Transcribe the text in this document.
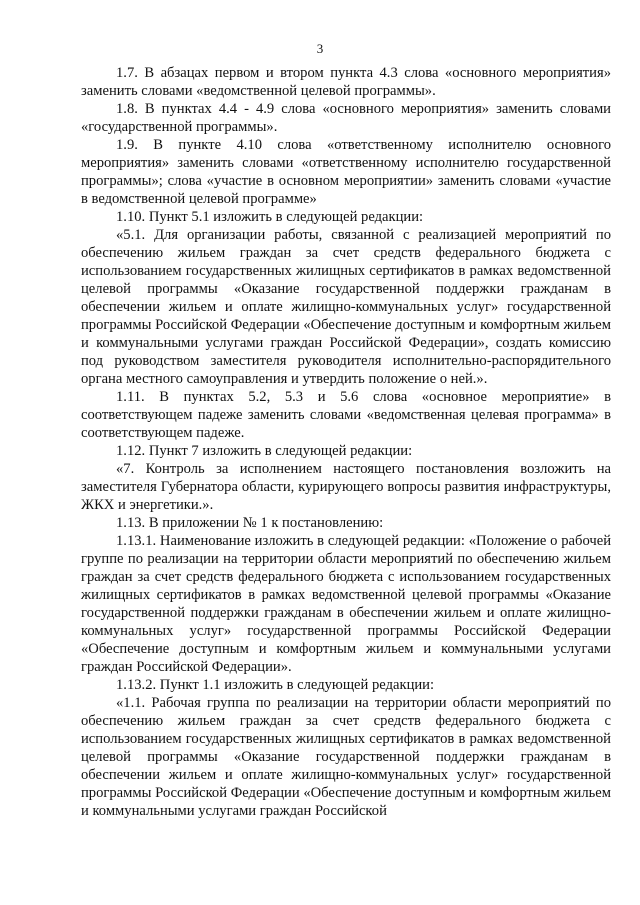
3

1.7. В абзацах первом и втором пункта 4.3 слова «основного мероприятия» заменить словами «ведомственной целевой программы».

1.8. В пунктах 4.4 - 4.9 слова «основного мероприятия» заменить словами «государственной программы».

1.9. В пункте 4.10 слова «ответственному исполнителю основного мероприятия» заменить словами «ответственному исполнителю государственной программы»; слова «участие в основном мероприятии» заменить словами «участие в ведомственной целевой программе»

1.10. Пункт 5.1 изложить в следующей редакции:

«5.1. Для организации работы, связанной с реализацией мероприятий по обеспечению жильем граждан за счет средств федерального бюджета с использованием государственных жилищных сертификатов в рамках ведомственной целевой программы «Оказание государственной поддержки гражданам в обеспечении жильем и оплате жилищно-коммунальных услуг» государственной программы Российской Федерации «Обеспечение доступным и комфортным жильем и коммунальными услугами граждан Российской Федерации», создать комиссию под руководством заместителя руководителя исполнительно-распорядительного органа местного самоуправления и утвердить положение о ней.».

1.11. В пунктах 5.2, 5.3 и 5.6 слова «основное мероприятие» в соответствующем падеже заменить словами «ведомственная целевая программа» в соответствующем падеже.

1.12. Пункт 7 изложить в следующей редакции:

«7. Контроль за исполнением настоящего постановления возложить на заместителя Губернатора области, курирующего вопросы развития инфраструктуры, ЖКХ и энергетики.».

1.13. В приложении № 1 к постановлению:

1.13.1. Наименование изложить в следующей редакции: «Положение о рабочей группе по реализации на территории области мероприятий по обеспечению жильем граждан за счет средств федерального бюджета с использованием государственных жилищных сертификатов в рамках ведомственной целевой программы «Оказание государственной поддержки гражданам в обеспечении жильем и оплате жилищно-коммунальных услуг» государственной программы Российской Федерации «Обеспечение доступным и комфортным жильем и коммунальными услугами граждан Российской Федерации».

1.13.2. Пункт 1.1 изложить в следующей редакции:

«1.1. Рабочая группа по реализации на территории области мероприятий по обеспечению жильем граждан за счет средств федерального бюджета с использованием государственных жилищных сертификатов в рамках ведомственной целевой программы «Оказание государственной поддержки гражданам в обеспечении жильем и оплате жилищно-коммунальных услуг» государственной программы Российской Федерации «Обеспечение доступным и комфортным жильем и коммунальными услугами граждан Российской
